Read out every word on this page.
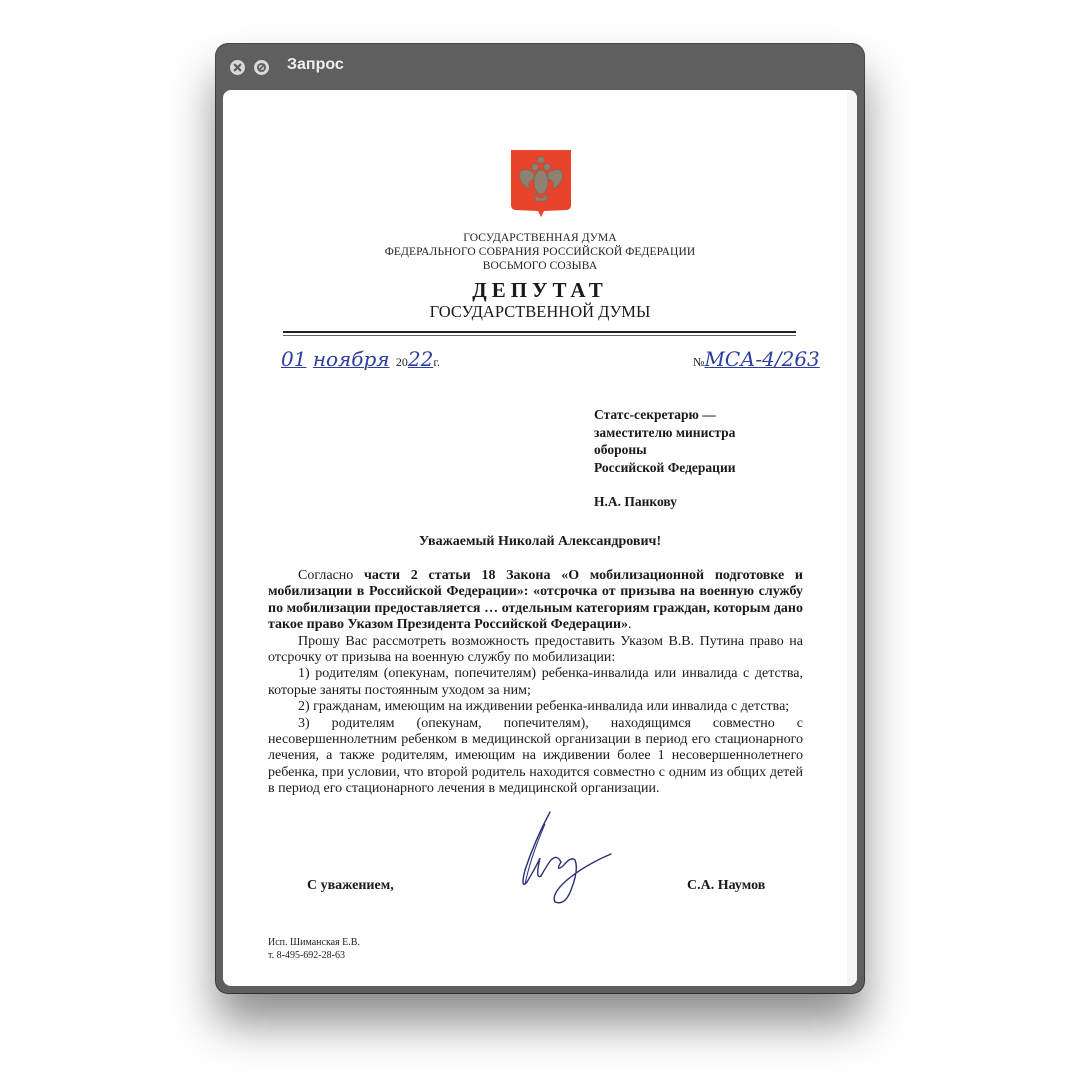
Запрос
ГОСУДАРСТВЕННАЯ ДУМА
ФЕДЕРАЛЬНОГО СОБРАНИЯ РОССИЙСКОЙ ФЕДЕРАЦИИ
ВОСЬМОГО СОЗЫВА
ДЕПУТАТ
ГОСУДАРСТВЕННОЙ ДУМЫ
01 ноября 2022г.	№МСА-4/263
Статс-секретарю —
заместителю министра
обороны
Российской Федерации
Н.А. Панкову
Уважаемый Николай Александрович!

Согласно части 2 статьи 18 Закона «О мобилизационной подготовке и мобилизации в Российской Федерации»: «отсрочка от призыва на военную службу по мобилизации предоставляется … отдельным категориям граждан, которым дано такое право Указом Президента Российской Федерации».

Прошу Вас рассмотреть возможность предоставить Указом В.В. Путина право на отсрочку от призыва на военную службу по мобилизации:

1) родителям (опекунам, попечителям) ребенка-инвалида или инвалида с детства, которые заняты постоянным уходом за ним;

2) гражданам, имеющим на иждивении ребенка-инвалида или инвалида с детства;

3) родителям (опекунам, попечителям), находящимся совместно с несовершеннолетним ребенком в медицинской организации в период его стационарного лечения, а также родителям, имеющим на иждивении более 1 несовершеннолетнего ребенка, при условии, что второй родитель находится совместно с одним из общих детей в период его стационарного лечения в медицинской организации.

С уважением,	С.А. Наумов
Исп. Шиманская Е.В.
т. 8-495-692-28-63
